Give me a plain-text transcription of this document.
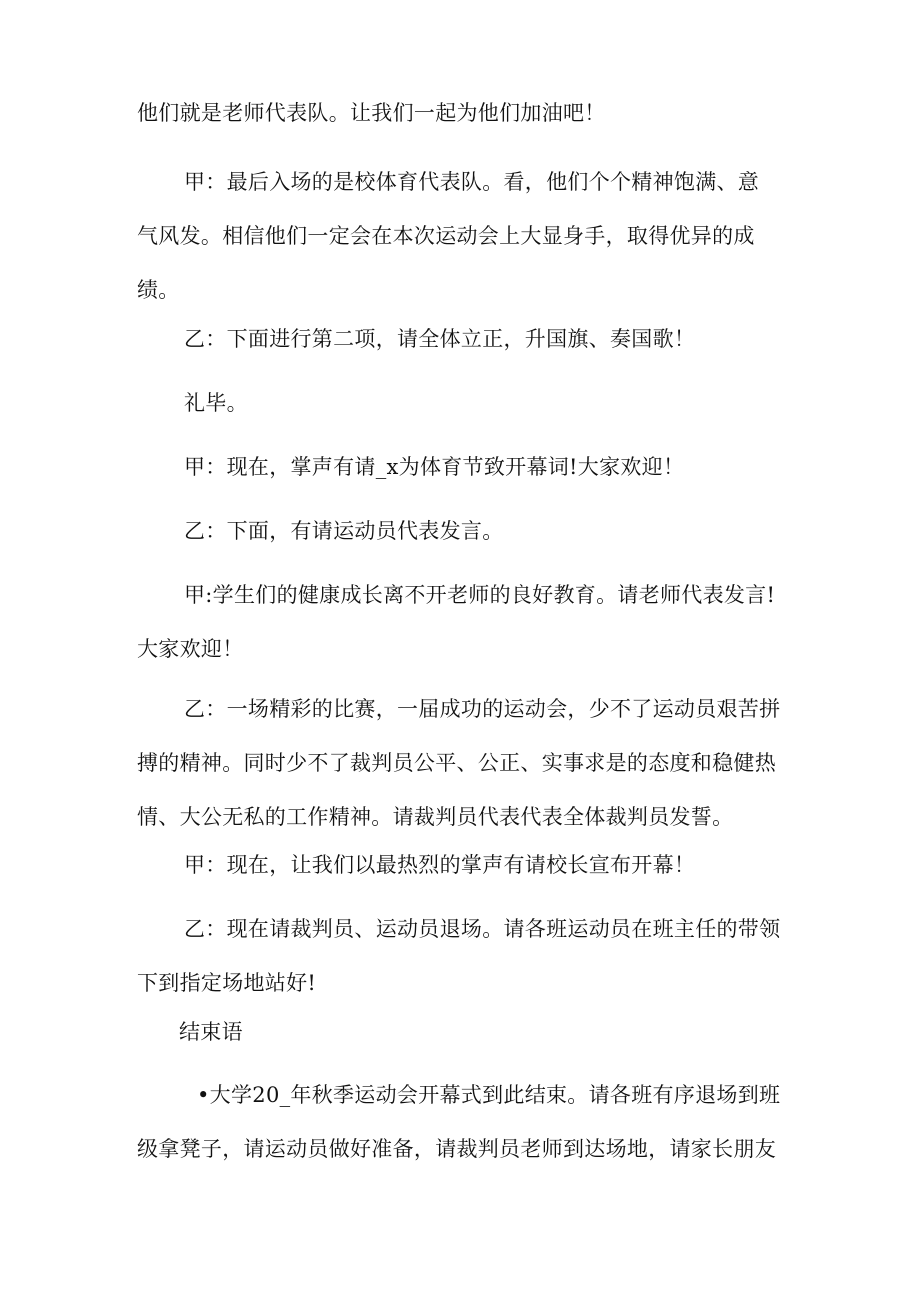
他们就是老师代表队。让我们一起为他们加油吧！

甲：最后入场的是校体育代表队。看，他们个个精神饱满、意
气风发。相信他们一定会在本次运动会上大显身手，取得优异的成
绩。

乙：下面进行第二项，请全体立正，升国旗、奏国歌！

礼毕。

甲：现在，掌声有请_x为体育节致开幕词!大家欢迎！

乙：下面，有请运动员代表发言。

甲:学生们的健康成长离不开老师的良好教育。请老师代表发言!
大家欢迎！

乙：一场精彩的比赛，一届成功的运动会，少不了运动员艰苦拼
搏的精神。同时少不了裁判员公平、公正、实事求是的态度和稳健热
情、大公无私的工作精神。请裁判员代表代表全体裁判员发誓。

甲：现在，让我们以最热烈的掌声有请校长宣布开幕！

乙：现在请裁判员、运动员退场。请各班运动员在班主任的带领
下到指定场地站好!

结束语

•大学20_年秋季运动会开幕式到此结束。请各班有序退场到班
级拿凳子，请运动员做好准备，请裁判员老师到达场地，请家长朋友
